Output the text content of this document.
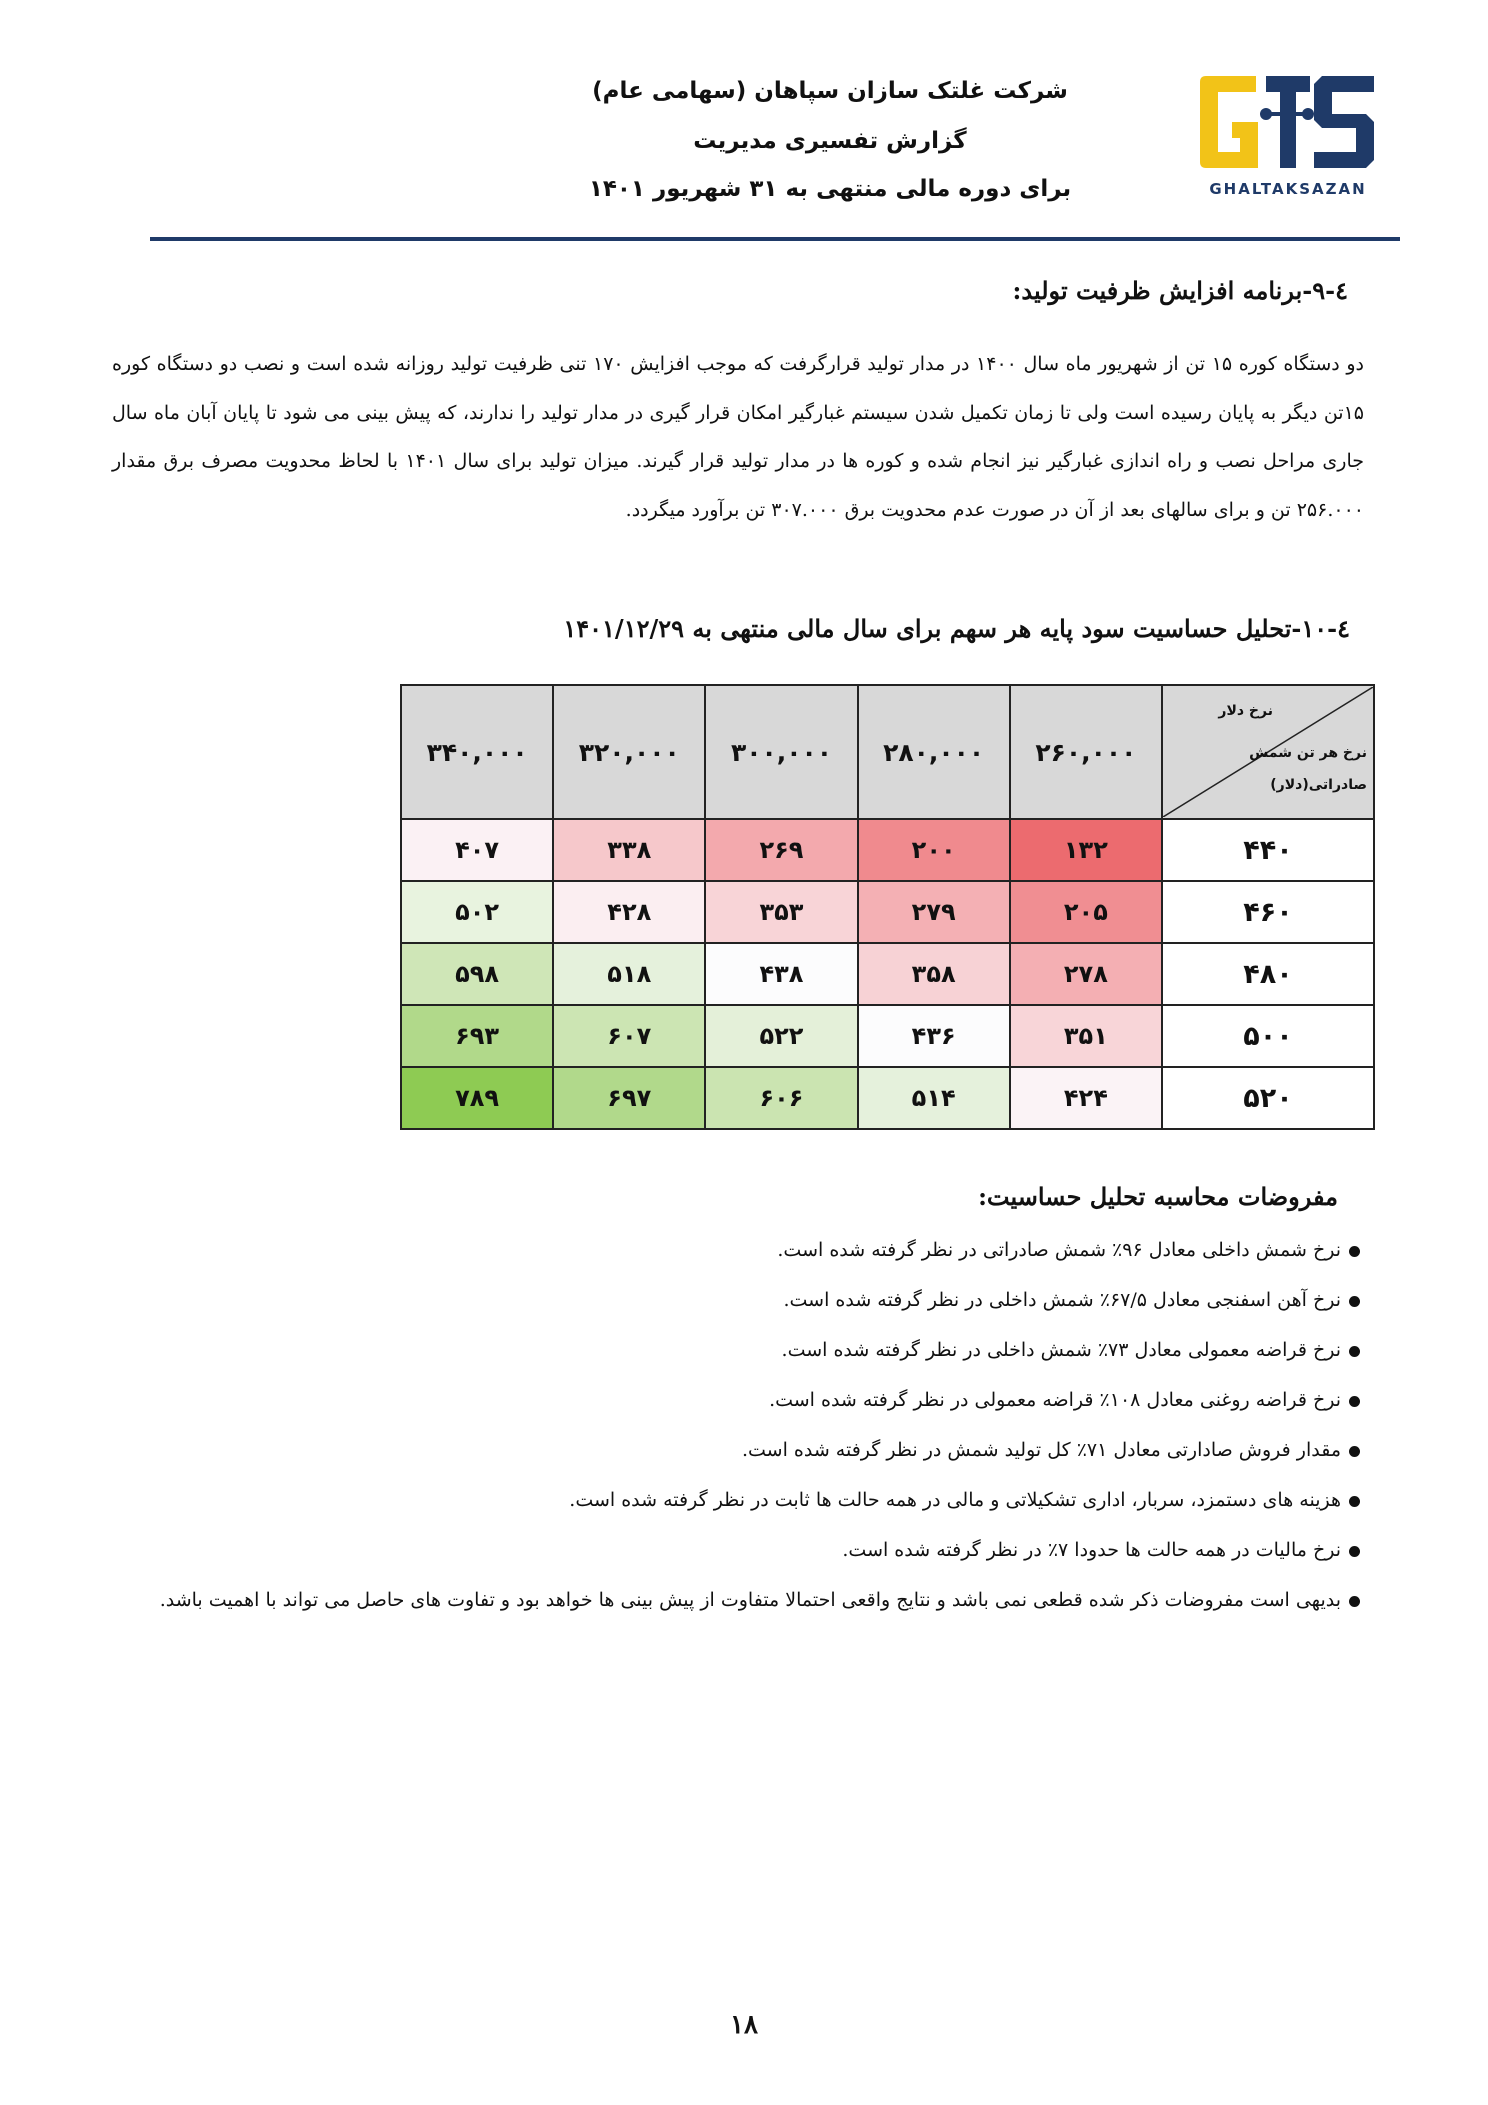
شرکت غلتک سازان سپاهان (سهامی عام)
گزارش تفسیری مدیریت
برای دوره مالی منتهی به ۳۱ شهریور ۱۴۰۱	GHALTAKSAZAN
٤-٩-برنامه افزایش ظرفیت تولید:
دو دستگاه کوره ۱۵ تن از شهریور ماه سال ۱۴۰۰ در مدار تولید قرارگرفت که موجب افزایش ۱۷۰ تنی ظرفیت تولید روزانه شده است و نصب دو دستگاه کوره ۱۵تن دیگر به پایان رسیده است ولی تا زمان تکمیل شدن سیستم غبارگیر امکان قرار گیری در مدار تولید را ندارند، که پیش بینی می شود تا پایان آبان ماه سال جاری مراحل نصب و راه اندازی غبارگیر نیز انجام شده و کوره ها در مدار تولید قرار گیرند. میزان تولید برای سال ۱۴۰۱ با لحاظ محدویت مصرف برق مقدار ۲۵۶.۰۰۰ تن و برای سالهای بعد از آن در صورت عدم محدویت برق ۳۰۷.۰۰۰ تن برآورد میگردد.
٤-١٠-تحلیل حساسیت سود پایه هر سهم برای سال مالی منتهی به ۱۴۰۱/۱۲/۲۹
۳۴۰,۰۰۰	۳۲۰,۰۰۰	۳۰۰,۰۰۰	۲۸۰,۰۰۰	۲۶۰,۰۰۰	نرخ دلار
نرخ هر تن شمش
صادراتی(دلار)

۴۰۷	۳۳۸	۲۶۹	۲۰۰	۱۳۲	۴۴۰
۵۰۲	۴۲۸	۳۵۳	۲۷۹	۲۰۵	۴۶۰
۵۹۸	۵۱۸	۴۳۸	۳۵۸	۲۷۸	۴۸۰
۶۹۳	۶۰۷	۵۲۲	۴۳۶	۳۵۱	۵۰۰
۷۸۹	۶۹۷	۶۰۶	۵۱۴	۴۲۴	۵۲۰
مفروضات محاسبه تحلیل حساسیت:
نرخ شمش داخلی معادل ۹۶٪ شمش صادراتی در نظر گرفته شده است.
نرخ آهن اسفنجی معادل ۶۷/۵٪ شمش داخلی در نظر گرفته شده است.
نرخ قراضه معمولی معادل ۷۳٪ شمش داخلی در نظر گرفته شده است.
نرخ قراضه روغنی معادل ۱۰۸٪ قراضه معمولی در نظر گرفته شده است.
مقدار فروش صادارتی معادل ۷۱٪ کل تولید شمش در نظر گرفته شده است.
هزینه های دستمزد، سربار، اداری تشکیلاتی و مالی در همه حالت ها ثابت در نظر گرفته شده است.
نرخ مالیات در همه حالت ها حدودا ۷٪ در نظر گرفته شده است.
بدیهی است مفروضات ذکر شده قطعی نمی باشد و نتایج واقعی احتمالا متفاوت از پیش بینی ها خواهد بود و تفاوت های حاصل می تواند با اهمیت باشد.
۱۸
